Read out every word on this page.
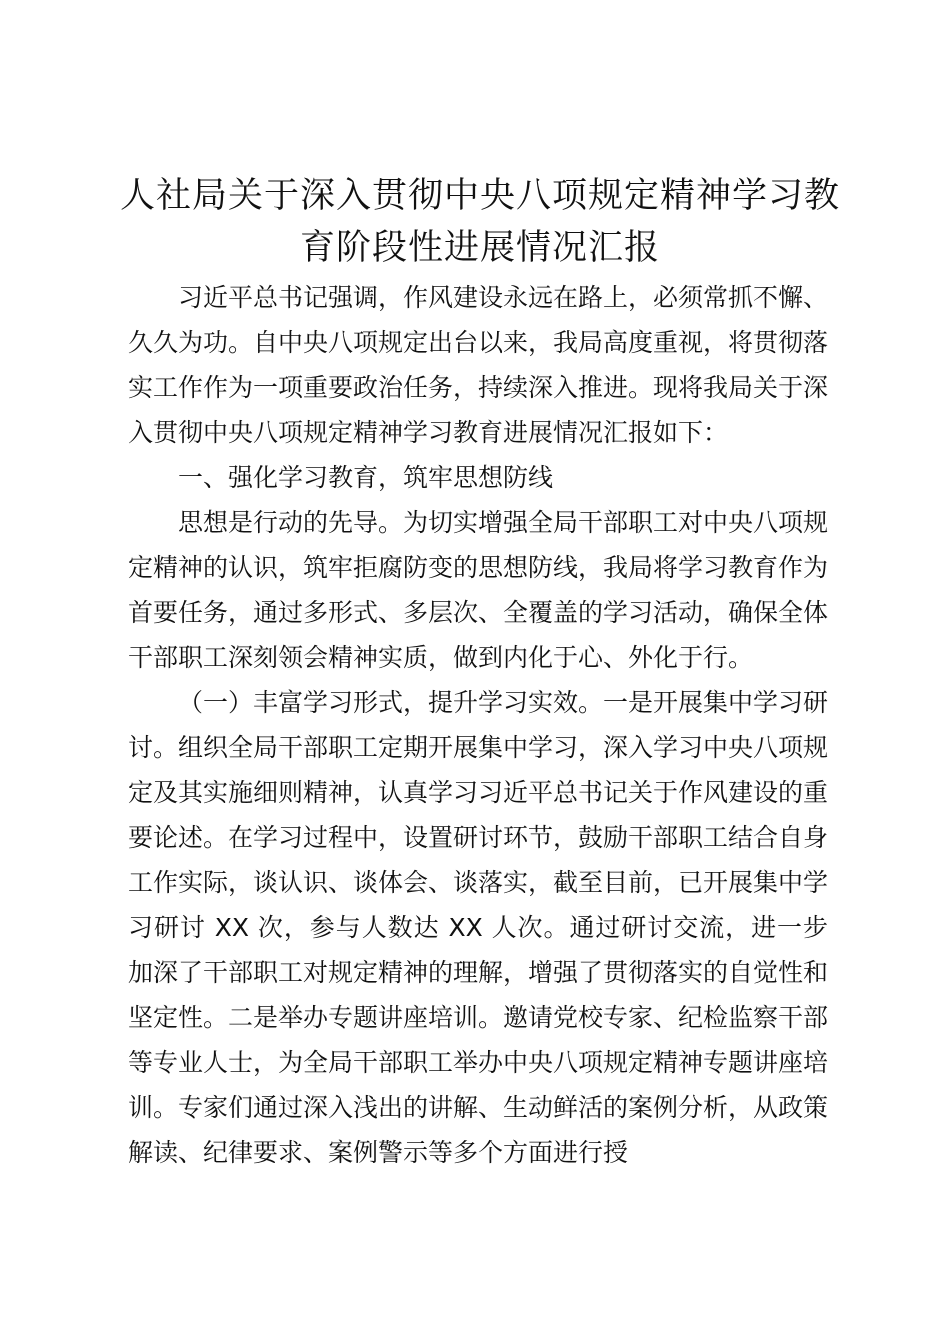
人社局关于深入贯彻中央八项规定精神学习教育阶段性进展情况汇报

习近平总书记强调，作风建设永远在路上，必须常抓不懈、久久为功。自中央八项规定出台以来，我局高度重视，将贯彻落实工作作为一项重要政治任务，持续深入推进。现将我局关于深入贯彻中央八项规定精神学习教育进展情况汇报如下：

一、强化学习教育，筑牢思想防线

思想是行动的先导。为切实增强全局干部职工对中央八项规定精神的认识，筑牢拒腐防变的思想防线，我局将学习教育作为首要任务，通过多形式、多层次、全覆盖的学习活动，确保全体干部职工深刻领会精神实质，做到内化于心、外化于行。

（一）丰富学习形式，提升学习实效。一是开展集中学习研讨。组织全局干部职工定期开展集中学习，深入学习中央八项规定及其实施细则精神，认真学习习近平总书记关于作风建设的重要论述。在学习过程中，设置研讨环节，鼓励干部职工结合自身工作实际，谈认识、谈体会、谈落实，截至目前，已开展集中学习研讨 XX 次，参与人数达 XX 人次。通过研讨交流，进一步加深了干部职工对规定精神的理解，增强了贯彻落实的自觉性和坚定性。二是举办专题讲座培训。邀请党校专家、纪检监察干部等专业人士，为全局干部职工举办中央八项规定精神专题讲座培训。专家们通过深入浅出的讲解、生动鲜活的案例分析，从政策解读、纪律要求、案例警示等多个方面进行授
